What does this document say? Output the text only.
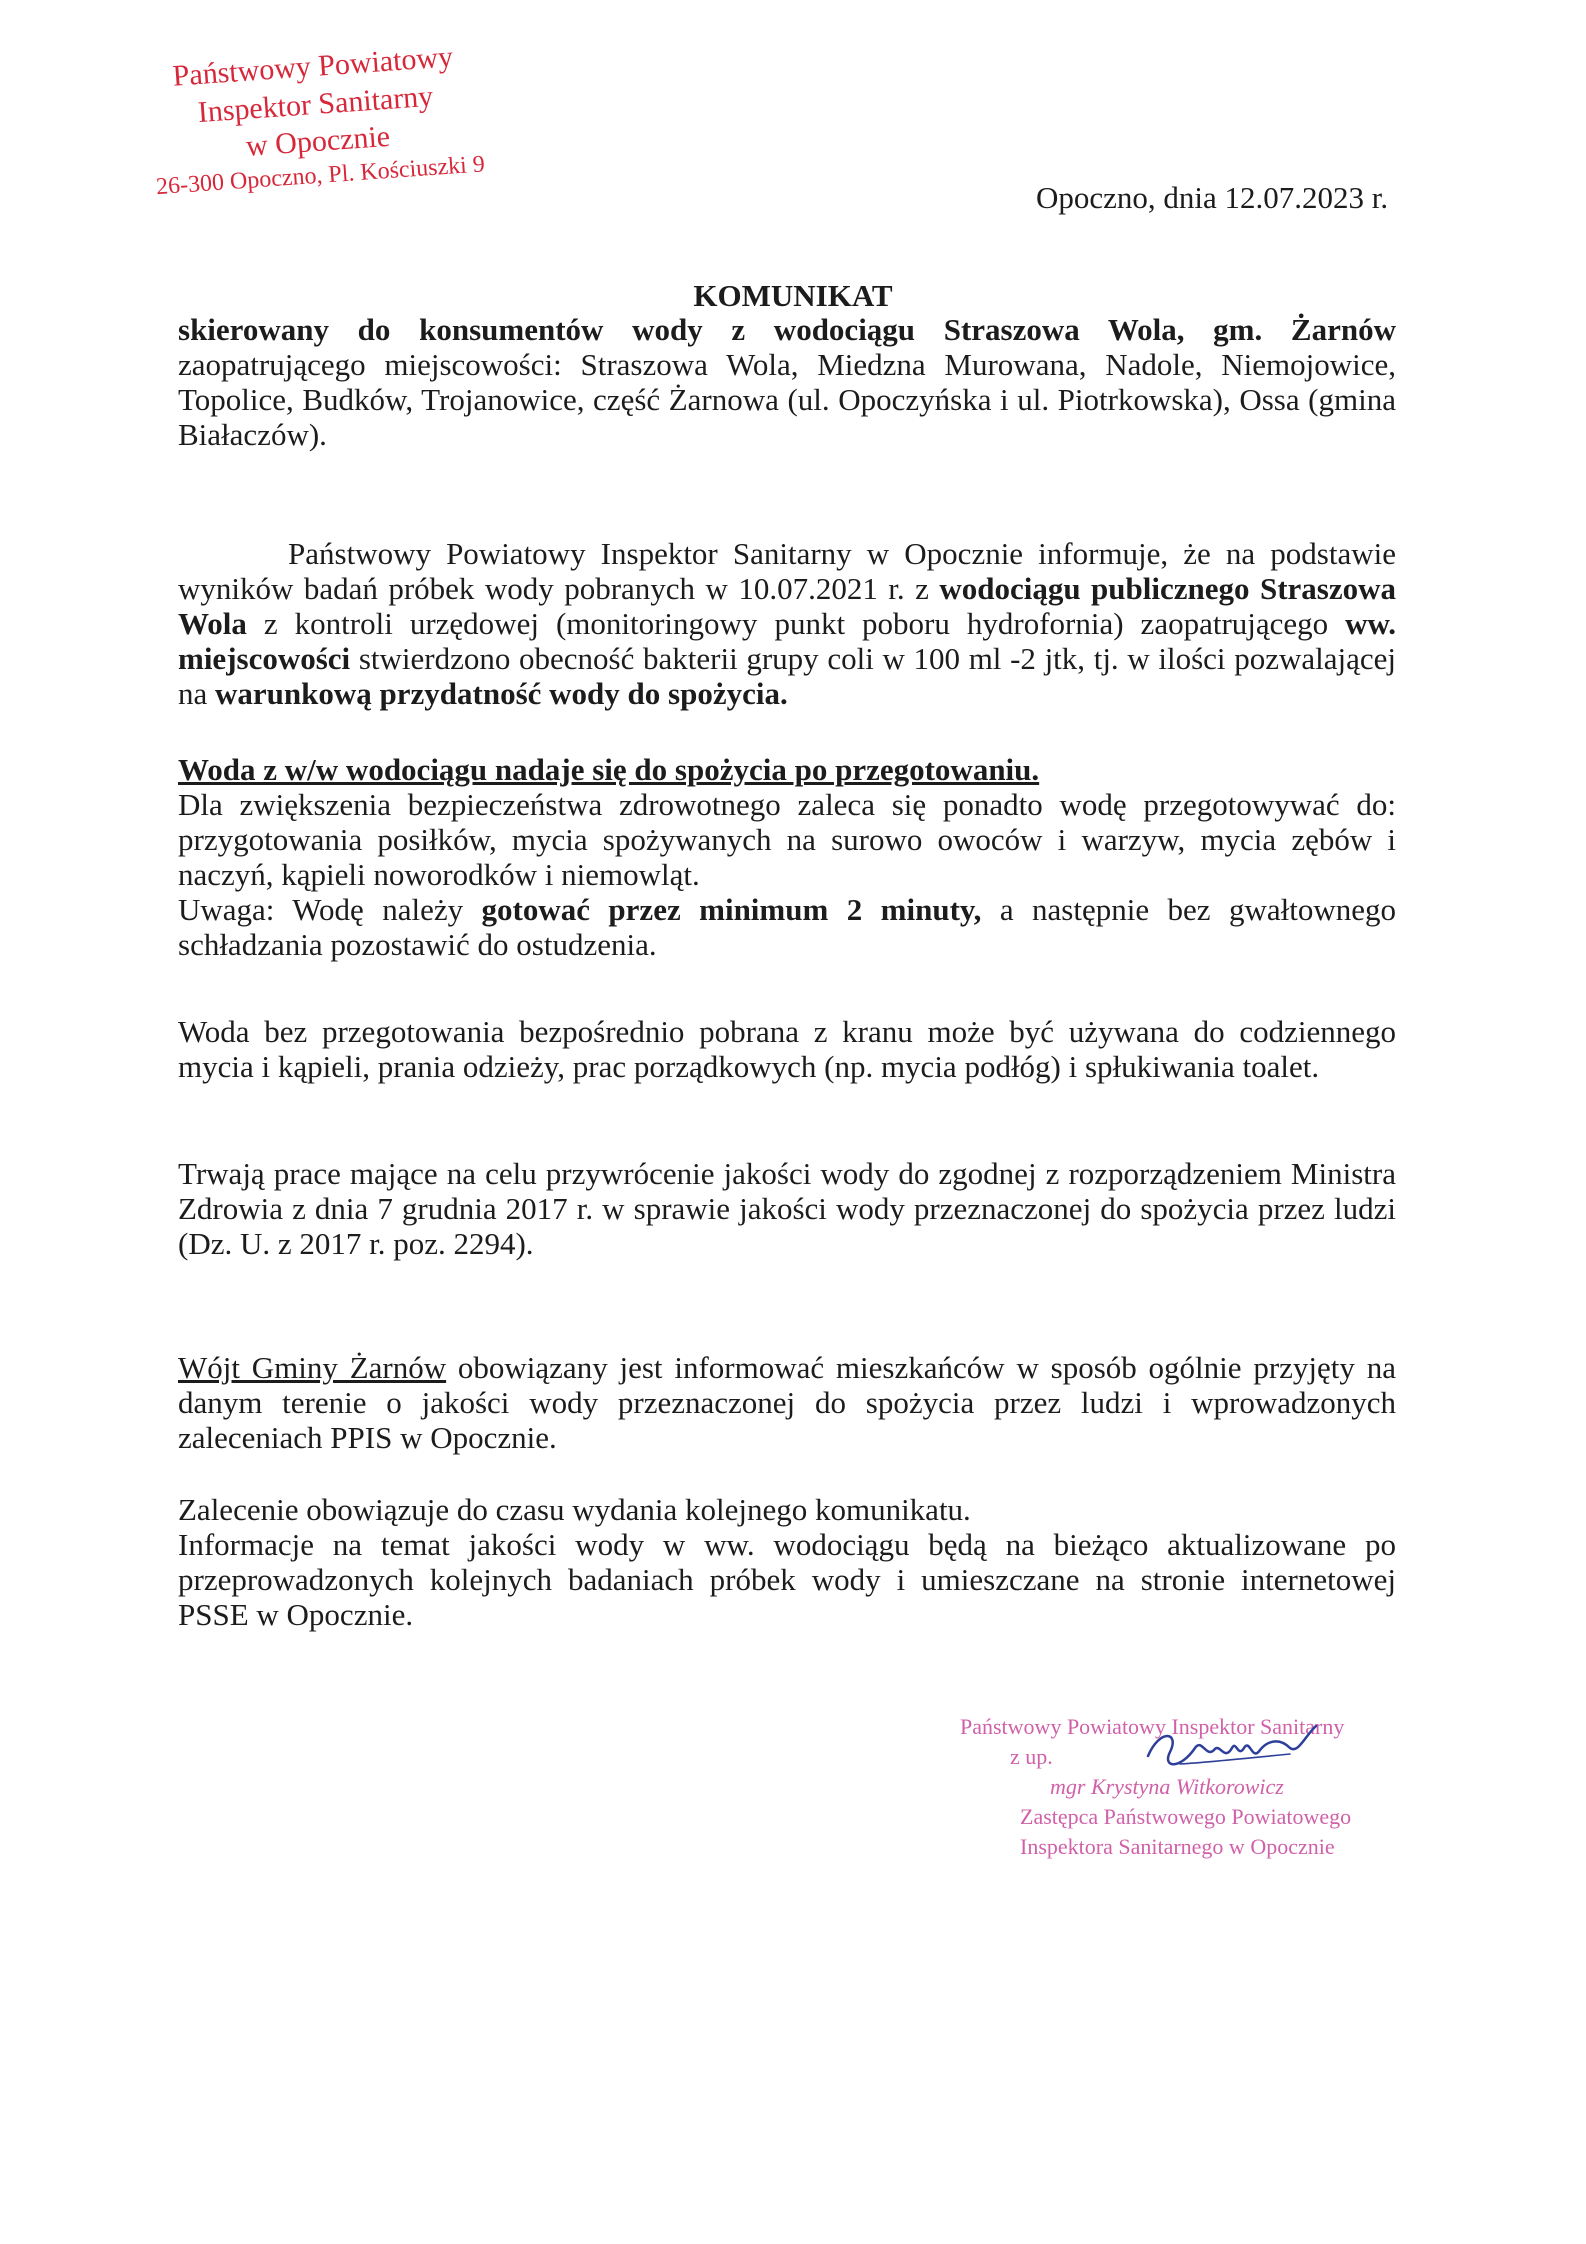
Państwowy Powiatowy
Inspektor Sanitarny
w Opocznie
26-300 Opoczno, Pl. Kościuszki 9	Opoczno, dnia 12.07.2023 r.
KOMUNIKAT

skierowany do konsumentów wody z wodociągu Straszowa Wola, gm. Żarnów zaopatrującego miejscowości: Straszowa Wola, Miedzna Murowana, Nadole, Niemojowice, Topolice, Budków, Trojanowice, część Żarnowa (ul. Opoczyńska i ul. Piotrkowska), Ossa (gmina Białaczów).

Państwowy Powiatowy Inspektor Sanitarny w Opocznie informuje, że na podstawie wyników badań próbek wody pobranych w 10.07.2021 r. z wodociągu publicznego Straszowa Wola z kontroli urzędowej (monitoringowy punkt poboru hydrofornia) zaopatrującego ww. miejscowości stwierdzono obecność bakterii grupy coli w 100 ml -2 jtk, tj. w ilości pozwalającej na warunkową przydatność wody do spożycia.

Woda z w/w wodociągu nadaje się do spożycia po przegotowaniu.

Dla zwiększenia bezpieczeństwa zdrowotnego zaleca się ponadto wodę przegotowywać do: przygotowania posiłków, mycia spożywanych na surowo owoców i warzyw, mycia zębów i naczyń, kąpieli noworodków i niemowląt.

Uwaga: Wodę należy gotować przez minimum 2 minuty, a następnie bez gwałtownego schładzania pozostawić do ostudzenia.

Woda bez przegotowania bezpośrednio pobrana z kranu może być używana do codziennego mycia i kąpieli, prania odzieży, prac porządkowych (np. mycia podłóg) i spłukiwania toalet.

Trwają prace mające na celu przywrócenie jakości wody do zgodnej z rozporządzeniem Ministra Zdrowia z dnia 7 grudnia 2017 r. w sprawie jakości wody przeznaczonej do spożycia przez ludzi (Dz. U. z 2017 r. poz. 2294).

Wójt Gminy Żarnów obowiązany jest informować mieszkańców w sposób ogólnie przyjęty na danym terenie o jakości wody przeznaczonej do spożycia przez ludzi i wprowadzonych zaleceniach PPIS w Opocznie.

Zalecenie obowiązuje do czasu wydania kolejnego komunikatu.

Informacje na temat jakości wody w ww. wodociągu będą na bieżąco aktualizowane po przeprowadzonych kolejnych badaniach próbek wody i umieszczane na stronie internetowej PSSE w Opocznie.

Państwowy Powiatowy Inspektor Sanitarny
z up.
mgr Krystyna Witkorowicz
Zastępca Państwowego Powiatowego
Inspektora Sanitarnego w Opocznie
